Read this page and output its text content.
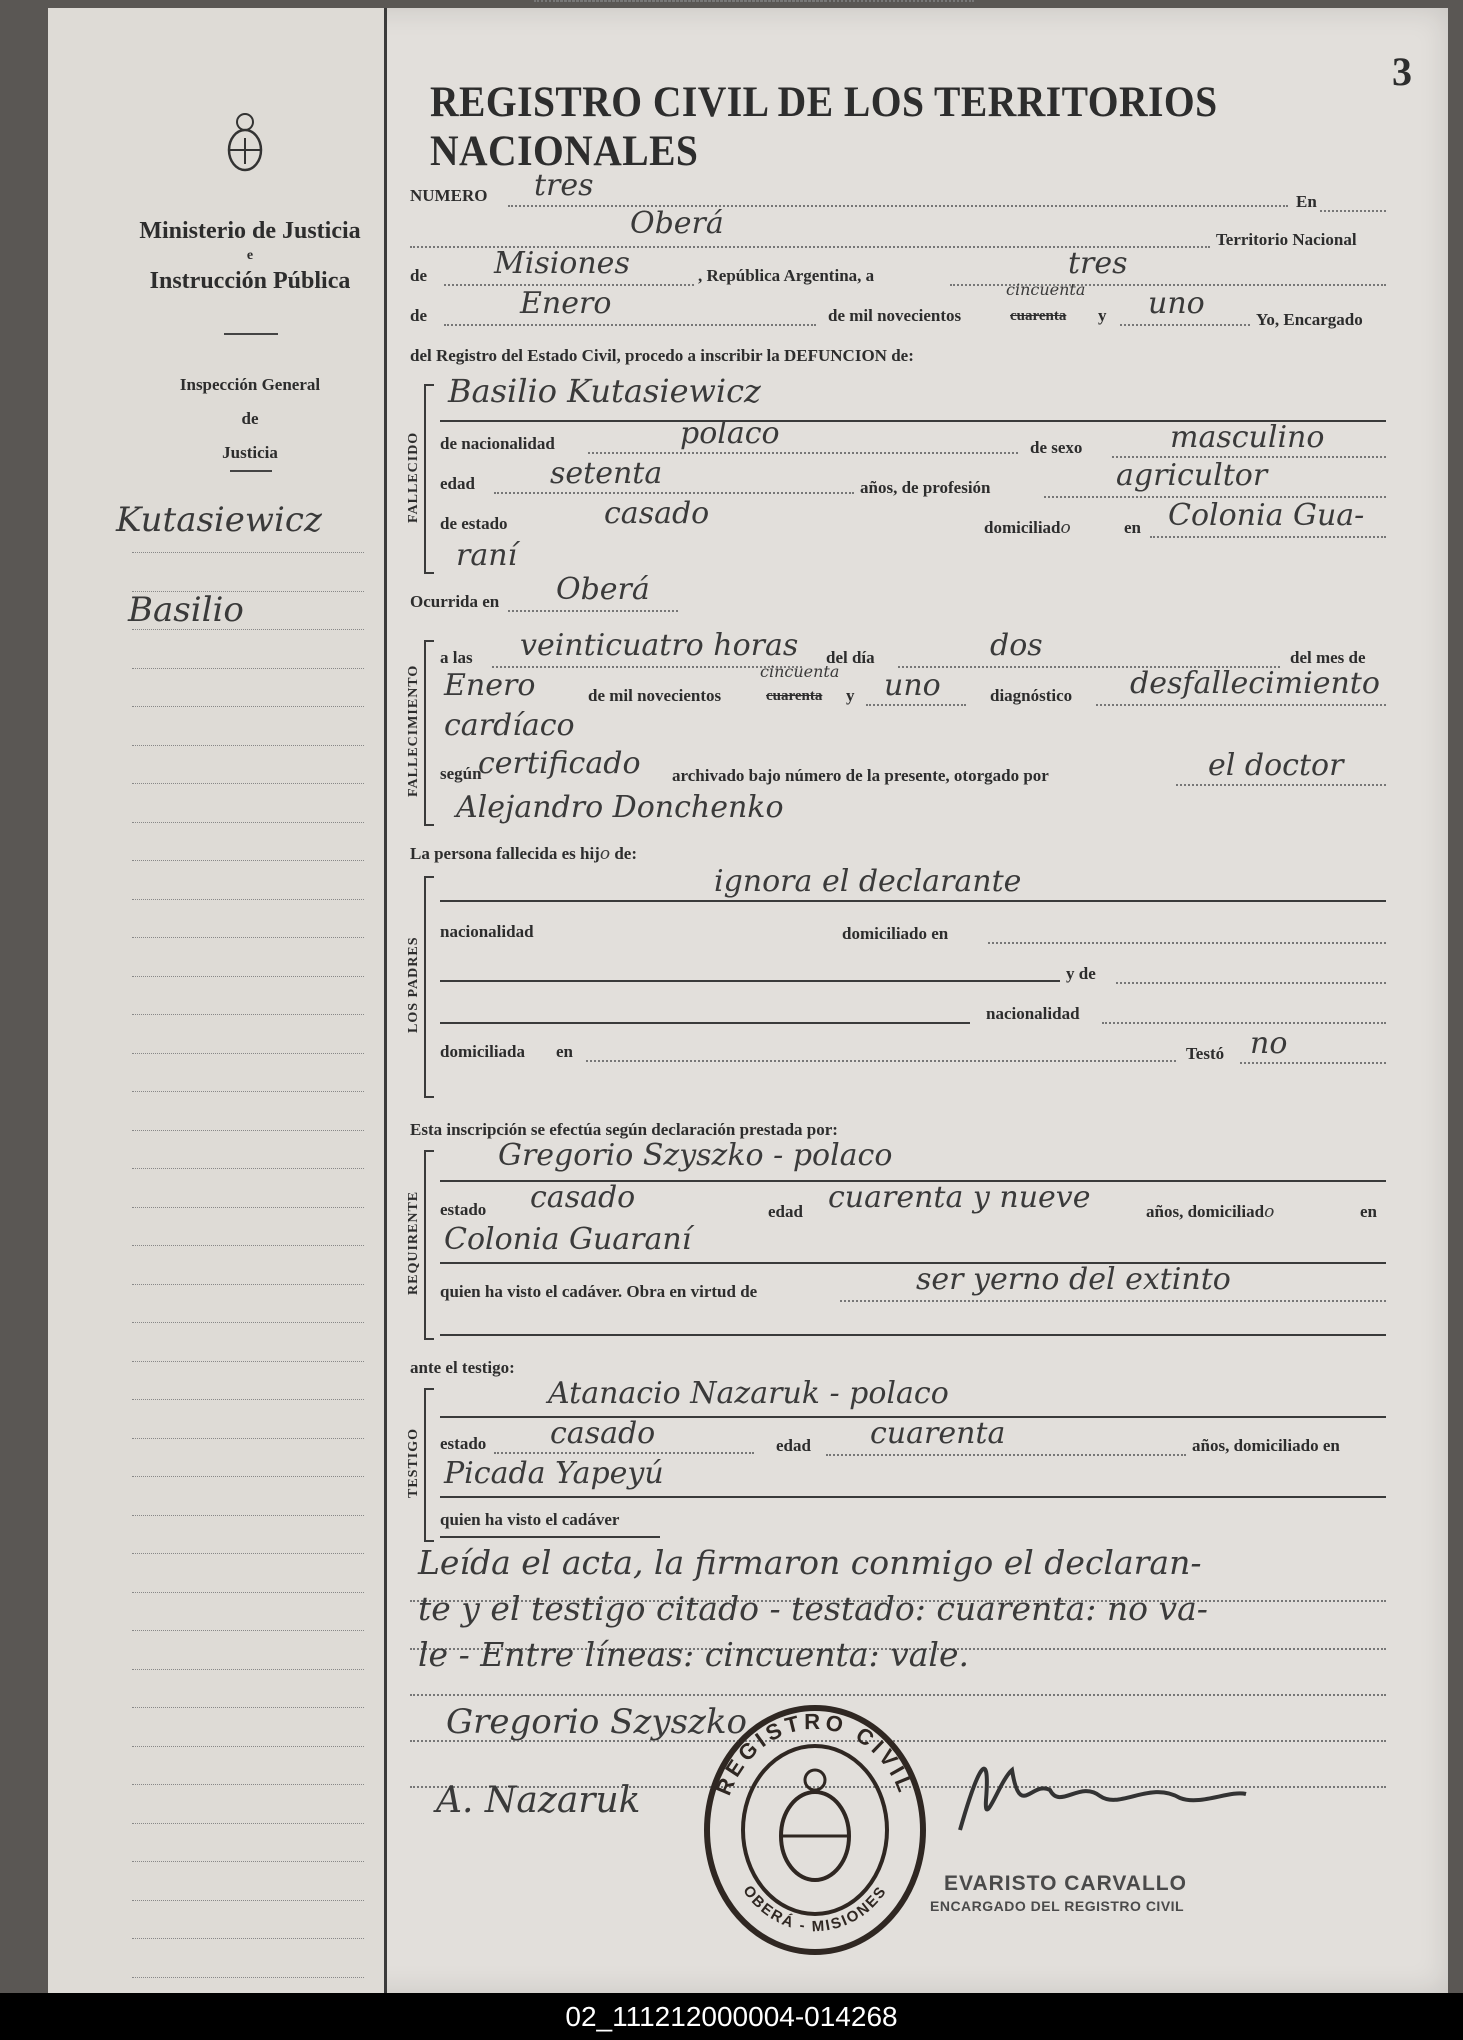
Ministerio de Justicia
e
Instrucción Pública
Inspección General
de
Justicia
Kutasiewicz
Basilio
REGISTRO CIVIL DE LOS TERRITORIOS NACIONALES
3
NUMERO tres	En
Oberá	Territorio Nacional
de Misiones	, República Argentina, a	tres
de	Enero	de mil novecientos
cincuenta
cuarenta y uno	Yo, Encargado
del Registro del Estado Civil, procedo a inscribir la DEFUNCION de:
FALLECIDO
Basilio Kutasiewicz
de nacionalidad	polaco	de sexo	masculino
edad	setenta	años, de profesión	agricultor
de estado	casado	domiciliado	en Colonia Gua-
raní
Ocurrida en Oberá
FALLECIMIENTO
a las veinticuatro horas del día	dos	del mes de
Enero	de mil novecientos
cincuenta
cuarenta y uno	diagnóstico desfallecimiento
cardíaco
según
certificado archivado bajo número de la presente, otorgado por	el doctor
Alejandro Donchenko
La persona fallecida es hijo de:
LOS PADRES
ignora el declarante
nacionalidad	domiciliado en
y de
nacionalidad
domiciliada en	Testó no
Esta inscripción se efectúa según declaración prestada por:
REQUIRENTE
Gregorio Szyszko - polaco
estado casado	edad cuarenta y nueve	años, domiciliado	en
Colonia Guaraní
quien ha visto el cadáver. Obra en virtud de	ser yerno del extinto
ante el testigo:
TESTIGO
Atanacio Nazaruk - polaco
estado casado	edad cuarenta	años, domiciliado en
Picada Yapeyú
quien ha visto el cadáver
Leída el acta, la firmaron conmigo el declaran-
te y el testigo citado - testado: cuarenta: no va-
le - Entre líneas: cincuenta: vale.
Gregorio Szyszko
A. Nazaruk	REGISTRO CIVIL
OBERÁ - MISIONES	EVARISTO CARVALLO
ENCARGADO DEL REGISTRO CIVIL
02_111212000004-014268
